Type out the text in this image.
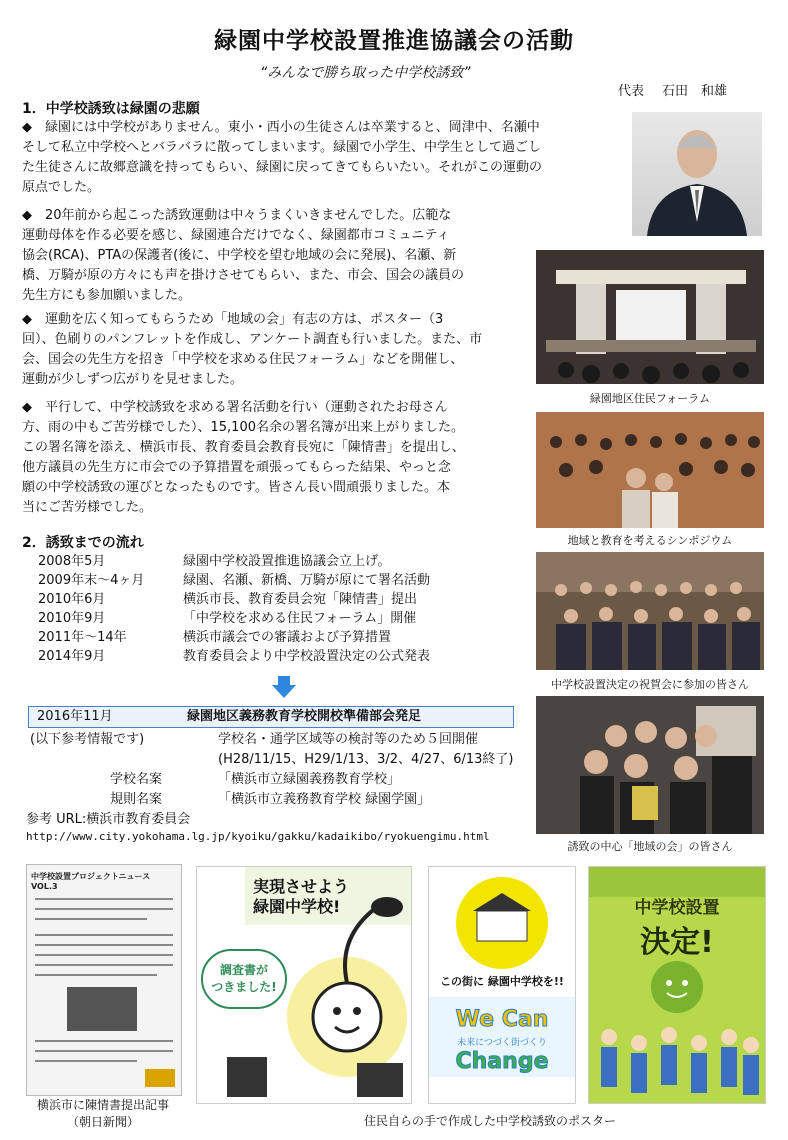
緑園中学校設置推進協議会の活動
“みんなで勝ち取った中学校誘致”
代表 石田　和雄
1．中学校誘致は緑園の悲願
◆　緑園には中学校がありません。東小・西小の生徒さんは卒業すると、岡津中、名瀬中
そして私立中学校へとバラバラに散ってしまいます。緑園で小学生、中学生として過ごし
た生徒さんに故郷意識を持ってもらい、緑園に戻ってきてもらいたい。それがこの運動の
原点でした。
◆　20年前から起こった誘致運動は中々うまくいきませんでした。広範な
運動母体を作る必要を感じ、緑園連合だけでなく、緑園都市コミュニティ
協会(RCA)、PTAの保護者(後に、中学校を望む地域の会に発展)、名瀬、新
橋、万騎が原の方々にも声を掛けさせてもらい、また、市会、国会の議員の
先生方にも参加願いました。
◆　運動を広く知ってもらうため「地域の会」有志の方は、ポスター（3
回）、色刷りのパンフレットを作成し、アンケート調査も行いました。また、市
会、国会の先生方を招き「中学校を求める住民フォーラム」などを開催し、
運動が少しずつ広がりを見せました。
◆　平行して、中学校誘致を求める署名活動を行い（運動されたお母さん
方、雨の中もご苦労様でした）、15,100名余の署名簿が出来上がりました。
この署名簿を添え、横浜市長、教育委員会教育長宛に「陳情書」を提出し、
他方議員の先生方に市会での予算措置を頑張ってもらった結果、やっと念
願の中学校誘致の運びとなったものです。皆さん長い間頑張りました。本
当にご苦労様でした。
緑園地区住民フォーラム
地域と教育を考えるシンポジウム
中学校設置決定の祝賀会に参加の皆さん
誘致の中心「地域の会」の皆さん
2．誘致までの流れ
2008年5月	緑園中学校設置推進協議会立上げ。
2009年末～4ヶ月	緑園、名瀬、新橋、万騎が原にて署名活動
2010年6月	横浜市長、教育委員会宛「陳情書」提出
2010年9月	「中学校を求める住民フォーラム」開催
2011年～14年	横浜市議会での審議および予算措置
2014年9月	教育委員会より中学校設置決定の公式発表
2016年11月	緑園地区義務教育学校開校準備部会発足
(以下参考情報です)	学校名・通学区域等の検討等のため５回開催
(H28/11/15、H29/1/13、3/2、4/27、6/13終了)
学校名案	「横浜市立緑園義務教育学校」
規則名案	「横浜市立義務教育学校 緑園学園」
参考 URL:横浜市教育委員会
http://www.city.yokohama.lg.jp/kyoiku/gakku/kadaikibo/ryokuengimu.html
中学校設置プロジェクトニュース VOL.3
横浜市に陳情書提出記事
（朝日新聞）
実現させよう
緑園中学校!
調査書が
つきました!	この街に 緑園中学校を!!
We Can
未来につづく街づくり
Change
中学校設置
決定!
住民自らの手で作成した中学校誘致のポスター
